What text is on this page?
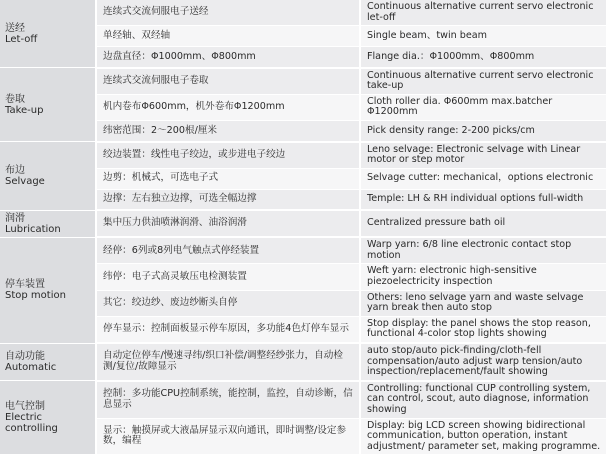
送经
Let-off	连续式交流伺服电子送经	Continuous alternative current servo electronic let-off
	单经轴、双经轴	Single beam、twin beam
	边盘直径：Φ1000mm、Φ800mm	Flange dia.：Φ1000mm、Φ800mm

卷取
Take-up	连续式交流伺服电子卷取	Continuous alternative current servo electronic take-up
	机内卷布Φ600mm，机外卷布Φ1200mm	Cloth roller dia. Φ600mm max.batcher Φ1200mm
	纬密范围：2～200根/厘米	Pick density range: 2-200 picks/cm

布边
Selvage	绞边装置：线性电子绞边，或步进电子绞边	Leno selvage: Electronic selvage with Linear motor or step motor
	边剪：机械式，可选电子式	Selvage cutter: mechanical，options electronic
	边撑：左右独立边撑，可选全幅边撑	Temple: LH & RH individual options full-width

润滑
Lubrication	集中压力供油喷淋润滑、油浴润滑	Centralized pressure bath oil

停车装置
Stop motion	经停：6列或8列电气触点式停经装置	Warp yarn: 6/8 line electronic contact stop motion
	纬停：电子式高灵敏压电检测装置	Weft yarn: electronic high-sensitive piezoelectricity inspection
	其它：绞边纱、废边纱断头自停	Others: leno selvage yarn and waste selvage yarn break then auto stop
	停车显示：控制面板显示停车原因，多功能4色灯停车显示	Stop display: the panel shows the stop reason, functional 4-color stop lights showing

自动功能
Automatic	自动定位停车/慢速寻纬/织口补偿/调整经纱张力，自动检测/复位/故障显示	auto stop/auto pick-finding/cloth-fell compensation/auto adjust warp tension/auto inspection/replacement/fault showing

电气控制
Electric controlling	控制：多功能CPU控制系统，能控制，监控，自动诊断，信息显示	Controlling: functional CUP controlling system, can control, scout, auto diagnose, information showing
	显示：触摸屏或大液晶屏显示双向通讯，即时调整/设定参数，编程	Display: big LCD screen showing bidirectional communication, button operation, instant adjustment/ parameter set, making programme.
